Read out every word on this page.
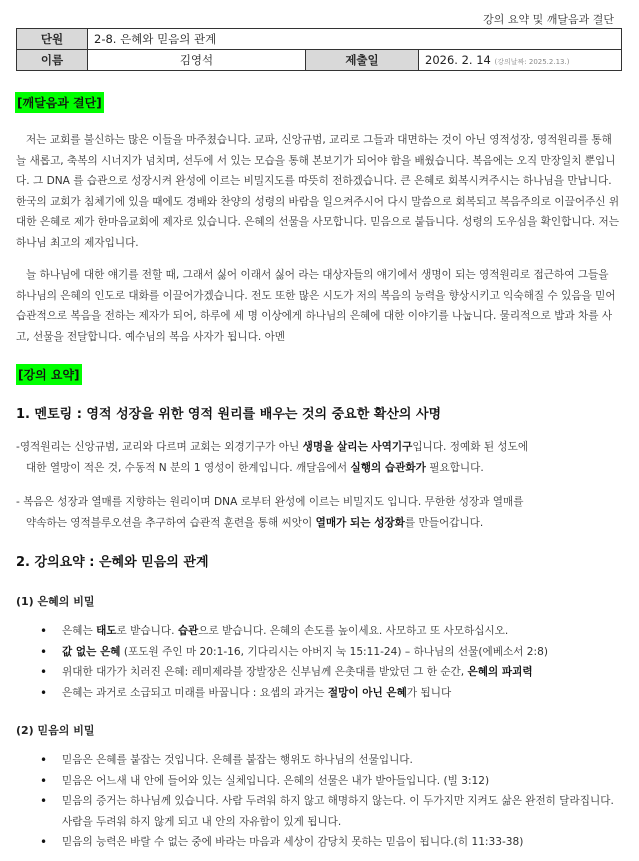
강의 요약 및 깨달음과 결단
단원	2-8. 은혜와 믿음의 관계		
이름	김영석	제출일	2026. 2. 14 (강의날짜: 2025.2.13.)
[깨달음과 결단]

저는 교회를 불신하는 많은 이들을 마주쳤습니다. 교파, 신앙규범, 교리로 그들과 대면하는 것이 아닌 영적성장, 영적원리를 통해 늘 새롭고, 축복의 시너지가 넘치며, 선두에 서 있는 모습을 통해 본보기가 되어야 함을 배웠습니다. 복음에는 오직 만장일치 뿐입니다. 그 DNA 를 습관으로 성장시켜 완성에 이르는 비밀지도를 따뜻히 전하겠습니다. 큰 은혜로 회복시켜주시는 하나님을 만납니다. 한국의 교회가 침체기에 있을 때에도 경배와 찬양의 성령의 바람을 일으켜주시어 다시 말씀으로 회복되고 복음주의로 이끌어주신 위대한 은혜로 제가 한마음교회에 제자로 있습니다. 은혜의 선물을 사모합니다. 믿음으로 붙듭니다. 성령의 도우심을 확인합니다. 저는 하나님 최고의 제자입니다.

늘 하나님에 대한 얘기를 전할 때, 그래서 싫어 이래서 싫어 라는 대상자들의 얘기에서 생명이 되는 영적원리로 접근하여 그들을 하나님의 은혜의 인도로 대화를 이끌어가겠습니다. 전도 또한 많은 시도가 저의 복음의 능력을 향상시키고 익숙해질 수 있음을 믿어 습관적으로 복음을 전하는 제자가 되어, 하루에 세 명 이상에게 하나님의 은혜에 대한 이야기를 나눕니다. 물리적으로 밥과 차를 사고, 선물을 전달합니다. 예수님의 복음 사자가 됩니다. 아멘

[강의 요약]

1. 멘토링 : 영적 성장을 위한 영적 원리를 배우는 것의 중요한 확산의 사명

-영적원리는 신앙규범, 교리와 다르며 교회는 외경기구가 아닌 생명을 살리는 사역기구입니다. 정예화 된 성도에
대한 열망이 적은 것, 수동적 N 분의 1 영성이 한계입니다. 깨달음에서 실행의 습관화가 필요합니다.

- 복음은 성장과 열매를 지향하는 원리이며 DNA 로부터 완성에 이르는 비밀지도 입니다. 무한한 성장과 열매를
약속하는 영적블루오션을 추구하여 습관적 훈련을 통해 씨앗이 열매가 되는 성장화를 만들어갑니다.

2. 강의요약 : 은혜와 믿음의 관계

(1) 은혜의 비밀

• 은혜는 태도로 받습니다. 습관으로 받습니다. 은혜의 손도를 높이세요. 사모하고 또 사모하십시오.
• 값 없는 은혜 (포도원 주인 마 20:1-16, 기다리시는 아버지 눅 15:11-24) – 하나님의 선물(에베소서 2:8)
• 위대한 대가가 치러진 은혜: 레미제라블 장발장은 신부님께 은촛대를 받았던 그 한 순간, 은혜의 파괴력
• 은혜는 과거로 소급되고 미래를 바꿉니다 : 요셉의 과거는 절망이 아닌 은혜가 됩니다

(2) 믿음의 비밀

• 믿음은 은혜를 붙잡는 것입니다. 은혜를 붙잡는 행위도 하나님의 선물입니다.
• 믿음은 어느새 내 안에 들어와 있는 실체입니다. 은혜의 선물은 내가 받아들입니다. (빌 3:12)
• 믿음의 증거는 하나님께 있습니다. 사람 두려워 하지 않고 해명하지 않는다. 이 두가지만 지켜도 삶은 완전히 달라집니다. 사람을 두려워 하지 않게 되고 내 안의 자유함이 있게 됩니다.
• 믿음의 능력은 바랄 수 없는 중에 바라는 마음과 세상이 감당치 못하는 믿음이 됩니다.(히 11:33-38)
